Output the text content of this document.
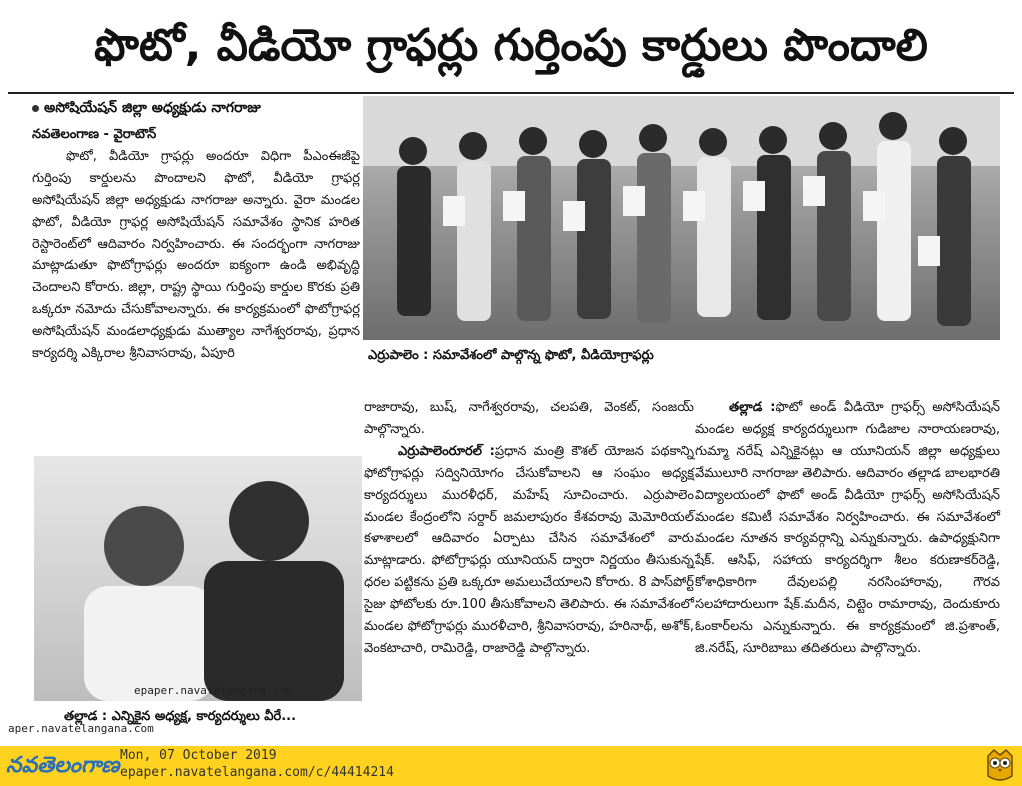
ఫొటో, వీడియో గ్రాఫర్లు గుర్తింపు కార్డులు పొందాలి
అసోషియేషన్ జిల్లా అధ్యక్షుడు నాగరాజు
నవతెలంగాణ - వైరాటౌన్

ఫొటో, వీడియో గ్రాఫర్లు అందరూ విధిగా పీఎంఈజీపై గుర్తింపు కార్డులను పొందాలని ఫొటో, వీడియో గ్రాఫర్ల అసోషియేషన్ జిల్లా అధ్యక్షుడు నాగరాజు అన్నారు. వైరా మండల ఫొటో, వీడియో గ్రాఫర్ల అసోషియేషన్ సమావేశం స్థానిక హరిత రెస్టారెంట్‌లో ఆదివారం నిర్వహించారు. ఈ సందర్భంగా నాగరాజు మాట్లాడుతూ ఫొటోగ్రాఫర్లు అందరూ ఐక్యంగా ఉండి అభివృద్ధి చెందాలని కోరారు. జిల్లా, రాష్ట్ర స్థాయి గుర్తింపు కార్డుల కొరకు ప్రతి ఒక్కరూ నమోదు చేసుకోవాలన్నారు. ఈ కార్యక్రమంలో ఫొటోగ్రాఫర్ల అసోషియేషన్ మండలాధ్యక్షుడు ముత్యాల నాగేశ్వరరావు, ప్రధాన కార్యదర్శి ఎక్కిరాల శ్రీనివాసరావు, ఏపూరి	ఎర్రుపాలెం : సమావేశంలో పాల్గొన్న ఫొటో, వీడియోగ్రాఫర్లు
రాజారావు, బుష్, నాగేశ్వరరావు, చలపతి, వెంకట్, సంజయ్ పాల్గొన్నారు.

ఎర్రుపాలెంరూరల్ :ప్రధాన మంత్రి కౌశల్ యోజన పథకాన్ని ఫోటోగ్రాఫర్లు సద్వినియోగం చేసుకోవాలని ఆ సంఘం అధ్యక్ష కార్యదర్శులు మురళీధర్, మహేష్ సూచించారు. ఎర్రుపాలెం మండల కేంద్రంలోని సర్దార్ జమలాపురం కేశవరావు మెమోరియల్ కళాశాలలో ఆదివారం ఏర్పాటు చేసిన సమావేశంలో వారు మాట్లాడారు. ఫోటోగ్రాఫర్లు యూనియన్ ద్వారా నిర్ణయం తీసుకున్న ధరల పట్టికను ప్రతి ఒక్కరూ అమలుచేయాలని కోరారు. 8 పాస్‌పోర్ట్ సైజు ఫోటోలకు రూ.100 తీసుకోవాలని తెలిపారు. ఈ సమావేశంలో మండల ఫోటోగ్రాఫర్లు మురళీచారి, శ్రీనివాసరావు, హరినాథ్, అశోక్, వెంకటాచారి, రామిరెడ్డి, రాజారెడ్డి పాల్గొన్నారు.

తల్లాడ :ఫొటో అండ్ వీడియో గ్రాఫర్స్ అసోసియేషన్ మండల అధ్యక్ష కార్యదర్శులుగా గుడిజాల నారాయణరావు, గుమ్మా నరేష్ ఎన్నికైనట్లు ఆ యూనియన్ జిల్లా అధ్యక్షులు వేములూరి నాగరాజు తెలిపారు. ఆదివారం తల్లాడ బాలభారతి విద్యాలయంలో ఫొటో అండ్ వీడియో గ్రాఫర్స్ అసోసియేషన్ మండల కమిటీ సమావేశం నిర్వహించారు. ఈ సమావేశంలో మండల నూతన కార్యవర్గాన్ని ఎన్నుకున్నారు. ఉపాధ్యక్షునిగా షేక్. ఆసిఫ్, సహాయ కార్యదర్శిగా శీలం కరుణాకర్‌రెడ్డి, కోశాధికారిగా దేవులపల్లి నరసింహారావు, గౌరవ సలహాదారులుగా షేక్.మదీన, చిట్టెం రామారావు, దెందుకూరు ఓంకార్‌లను ఎన్నుకున్నారు. ఈ కార్యక్రమంలో జి.ప్రశాంత్, జి.నరేష్, సూరిబాబు తదితరులు పాల్గొన్నారు.

epaper.navatelangana.com
aper.navatelangana.com
తల్లాడ : ఎన్నికైన అధ్యక్ష, కార్యదర్శులు వీరే...
నవతెలంగాణ Mon, 07 October 2019
epaper.navatelangana.com/c/44414214
